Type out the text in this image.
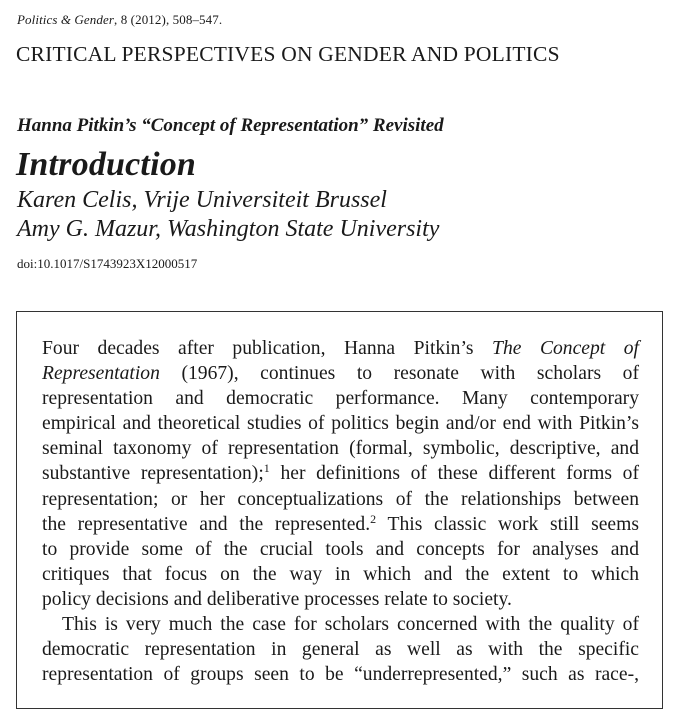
Politics & Gender, 8 (2012), 508–547.
CRITICAL PERSPECTIVES ON GENDER AND POLITICS
Hanna Pitkin’s “Concept of Representation” Revisited
Introduction
Karen Celis, Vrije Universiteit Brussel
Amy G. Mazur, Washington State University
doi:10.1017/S1743923X12000517

Four decades after publication, Hanna Pitkin’s The Concept of
Representation (1967), continues to resonate with scholars of
representation and democratic performance. Many contemporary
empirical and theoretical studies of politics begin and/or end with Pitkin’s
seminal taxonomy of representation (formal, symbolic, descriptive, and
substantive representation);$^1$ her definitions of these different forms of
representation; or her conceptualizations of the relationships between
the representative and the represented.$^2$ This classic work still seems
to provide some of the crucial tools and concepts for analyses and
critiques that focus on the way in which and the extent to which
policy decisions and deliberative processes relate to society.

This is very much the case for scholars concerned with the quality of
democratic representation in general as well as with the specific
representation of groups seen to be “underrepresented,” such as race-,
